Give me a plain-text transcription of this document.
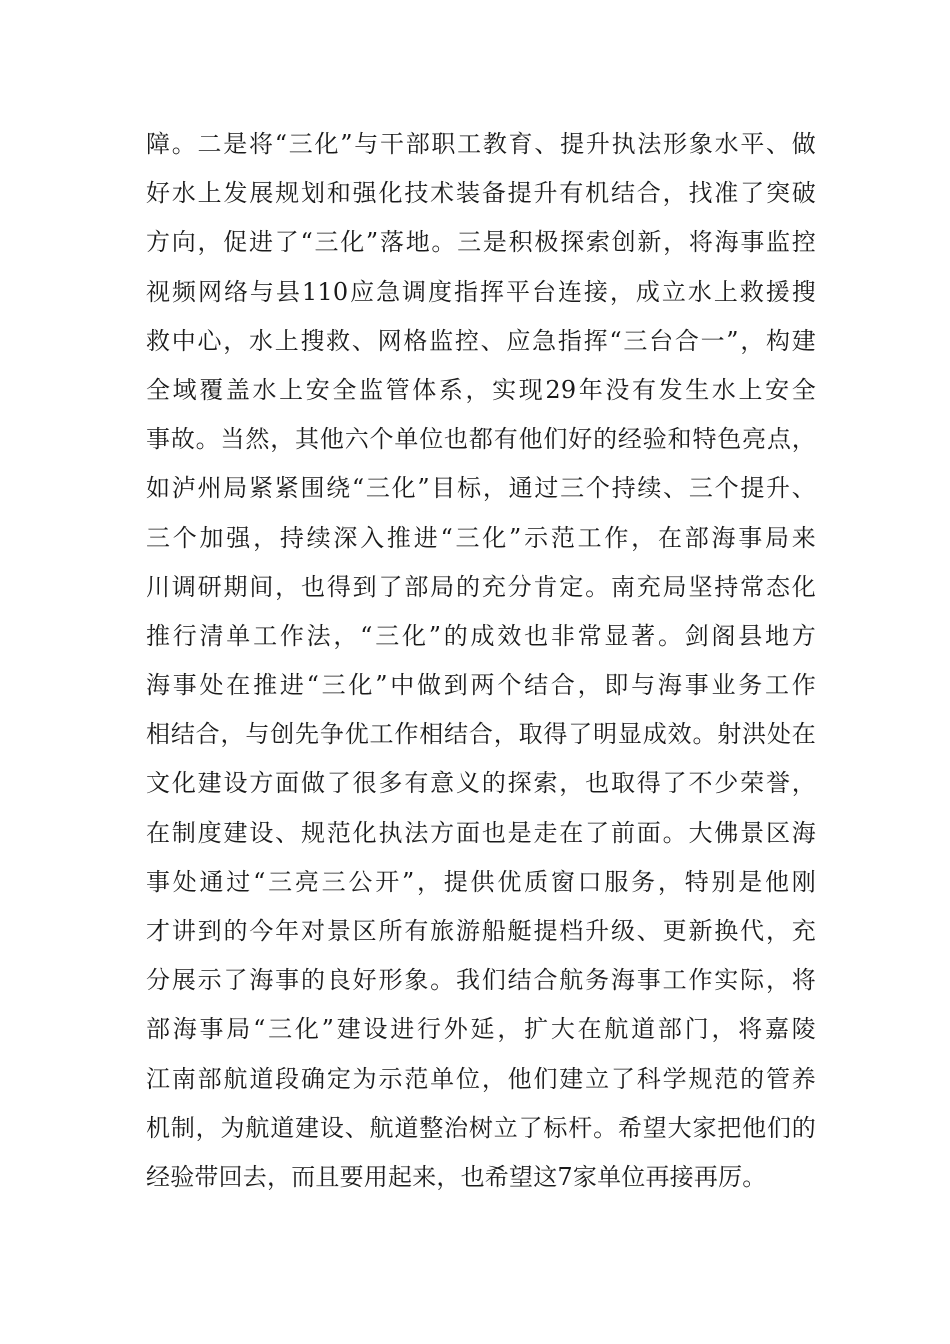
障。二是将“三化”与干部职工教育、提升执法形象水平、做
好水上发展规划和强化技术装备提升有机结合，找准了突破
方向，促进了“三化”落地。三是积极探索创新，将海事监控
视频网络与县110应急调度指挥平台连接，成立水上救援搜
救中心，水上搜救、网格监控、应急指挥“三台合一”，构建
全域覆盖水上安全监管体系，实现29年没有发生水上安全
事故。当然，其他六个单位也都有他们好的经验和特色亮点，
如泸州局紧紧围绕“三化”目标，通过三个持续、三个提升、
三个加强，持续深入推进“三化”示范工作，在部海事局来
川调研期间，也得到了部局的充分肯定。南充局坚持常态化
推行清单工作法，“三化”的成效也非常显著。剑阁县地方
海事处在推进“三化”中做到两个结合，即与海事业务工作
相结合，与创先争优工作相结合，取得了明显成效。射洪处在
文化建设方面做了很多有意义的探索，也取得了不少荣誉，
在制度建设、规范化执法方面也是走在了前面。大佛景区海
事处通过“三亮三公开”，提供优质窗口服务，特别是他刚
才讲到的今年对景区所有旅游船艇提档升级、更新换代，充
分展示了海事的良好形象。我们结合航务海事工作实际，将
部海事局“三化”建设进行外延，扩大在航道部门，将嘉陵
江南部航道段确定为示范单位，他们建立了科学规范的管养
机制，为航道建设、航道整治树立了标杆。希望大家把他们的
经验带回去，而且要用起来，也希望这7家单位再接再厉。
